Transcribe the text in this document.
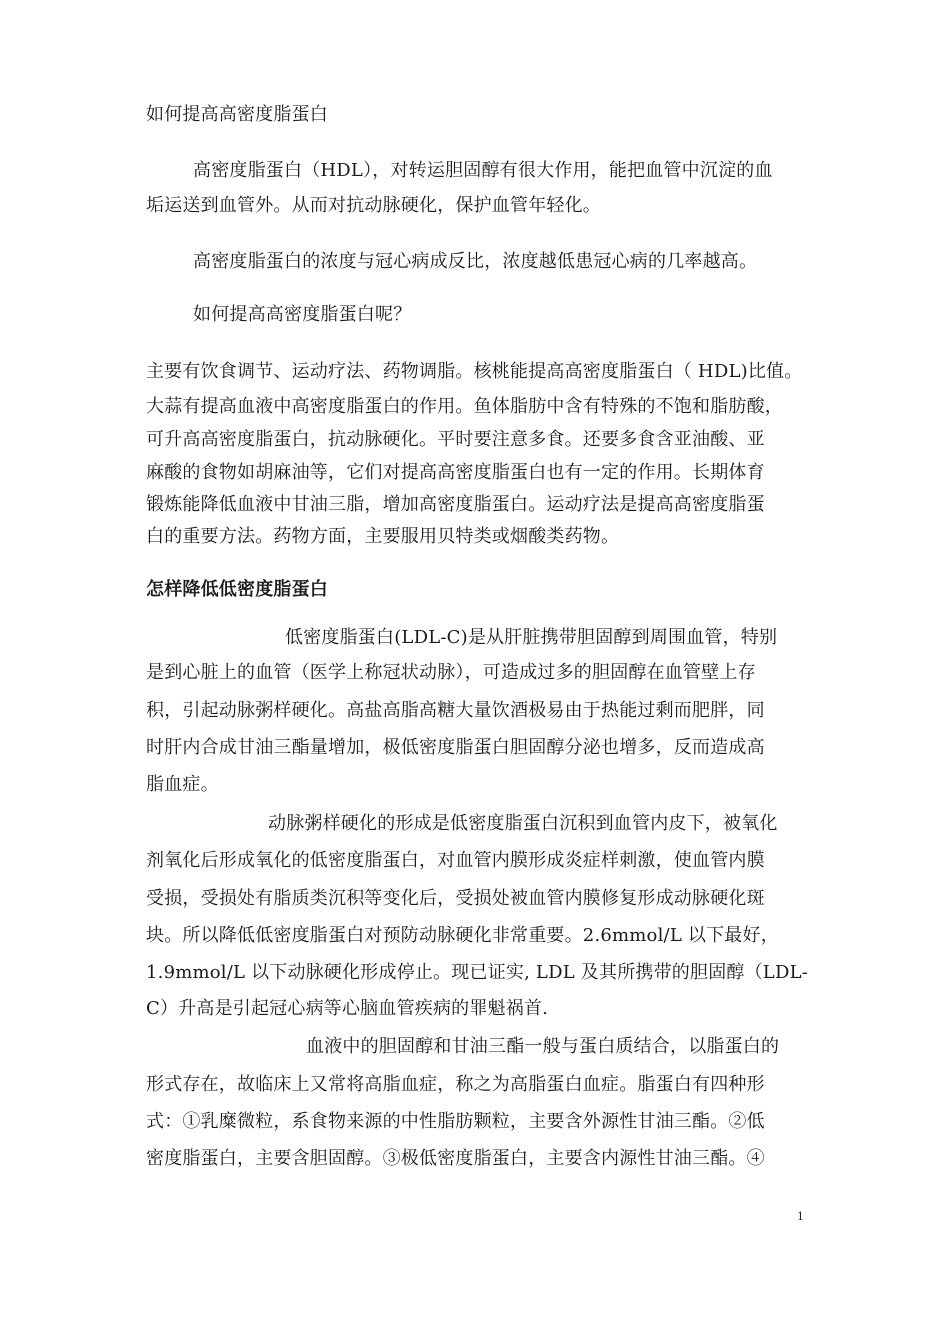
如何提高高密度脂蛋白
高密度脂蛋白（HDL），对转运胆固醇有很大作用，能把血管中沉淀的血
垢运送到血管外。从而对抗动脉硬化，保护血管年轻化。
高密度脂蛋白的浓度与冠心病成反比，浓度越低患冠心病的几率越高。
如何提高高密度脂蛋白呢？
主要有饮食调节、运动疗法、药物调脂。核桃能提高高密度脂蛋白（ HDL)比值。
大蒜有提高血液中高密度脂蛋白的作用。鱼体脂肪中含有特殊的不饱和脂肪酸，
可升高高密度脂蛋白，抗动脉硬化。平时要注意多食。还要多食含亚油酸、亚
麻酸的食物如胡麻油等，它们对提高高密度脂蛋白也有一定的作用。长期体育
锻炼能降低血液中甘油三脂，增加高密度脂蛋白。运动疗法是提高高密度脂蛋
白的重要方法。药物方面，主要服用贝特类或烟酸类药物。
怎样降低低密度脂蛋白
低密度脂蛋白(LDL-C)是从肝脏携带胆固醇到周围血管，特别
是到心脏上的血管（医学上称冠状动脉），可造成过多的胆固醇在血管壁上存
积，引起动脉粥样硬化。高盐高脂高糖大量饮酒极易由于热能过剩而肥胖，同
时肝内合成甘油三酯量增加，极低密度脂蛋白胆固醇分泌也增多，反而造成高
脂血症。
动脉粥样硬化的形成是低密度脂蛋白沉积到血管内皮下，被氧化
剂氧化后形成氧化的低密度脂蛋白，对血管内膜形成炎症样刺激，使血管内膜
受损，受损处有脂质类沉积等变化后，受损处被血管内膜修复形成动脉硬化斑
块。所以降低低密度脂蛋白对预防动脉硬化非常重要。2.6mmol/L 以下最好，
1.9mmol/L 以下动脉硬化形成停止。现已证实, LDL 及其所携带的胆固醇（LDL-
C）升高是引起冠心病等心脑血管疾病的罪魁祸首.
血液中的胆固醇和甘油三酯一般与蛋白质结合，以脂蛋白的
形式存在，故临床上又常将高脂血症，称之为高脂蛋白血症。脂蛋白有四种形
式：①乳糜微粒，系食物来源的中性脂肪颗粒，主要含外源性甘油三酯。②低
密度脂蛋白，主要含胆固醇。③极低密度脂蛋白，主要含内源性甘油三酯。④
1
